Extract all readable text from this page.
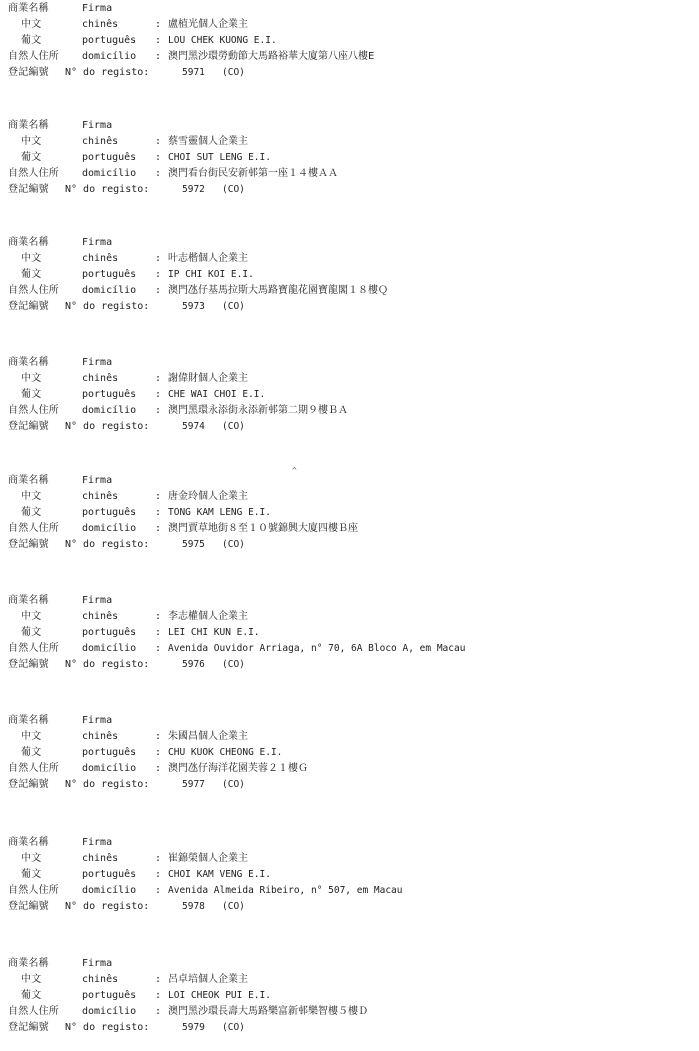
商業名稱	Firma
中文	chinês	: 盧植光個人企業主
葡文	português : LOU CHEK KUONG E.I.
自然人住所 domicílio : 澳門黑沙環勞動節大馬路裕華大廈第八座八樓E
登記編號 N° do registo:	5971 (CO)
商業名稱	Firma
中文	chinês	: 蔡雪靈個人企業主
葡文	português : CHOI SUT LENG E.I.
自然人住所 domicílio : 澳門看台街民安新邨第一座１４樓ＡＡ
登記編號 N° do registo:	5972 (CO)
商業名稱	Firma
中文	chinês	: 叶志楷個人企業主
葡文	português : IP CHI KOI E.I.
自然人住所 domicílio : 澳門氹仔基馬拉斯大馬路寶龍花園寶龍閣１８樓Ｑ
登記編號 N° do registo:	5973 (CO)
商業名稱	Firma
中文	chinês	: 謝偉財個人企業主
葡文	português : CHE WAI CHOI E.I.
自然人住所 domicílio : 澳門黑環永添街永添新邨第二期９樓ＢＡ
登記編號 N° do registo:	5974 (CO)
^
商業名稱	Firma
中文	chinês	: 唐金玲個人企業主
葡文	português : TONG KAM LENG E.I.
自然人住所 domicílio : 澳門賈草地街８至１０號錦興大廈四樓Ｂ座
登記編號 N° do registo:	5975 (CO)
商業名稱	Firma
中文	chinês	: 李志權個人企業主
葡文	português : LEI CHI KUN E.I.
自然人住所 domicílio : Avenida Ouvidor Arriaga, n° 70, 6A Bloco A, em Macau
登記編號 N° do registo:	5976 (CO)
商業名稱	Firma
中文	chinês	: 朱國昌個人企業主
葡文	português : CHU KUOK CHEONG E.I.
自然人住所 domicílio : 澳門氹仔海洋花園芙蓉２１樓Ｇ
登記編號 N° do registo:	5977 (CO)
商業名稱	Firma
中文	chinês	: 崔錦榮個人企業主
葡文	português : CHOI KAM VENG E.I.
自然人住所 domicílio : Avenida Almeida Ribeiro, n° 507, em Macau
登記編號 N° do registo:	5978 (CO)
商業名稱	Firma
中文	chinês	: 呂卓培個人企業主
葡文	português : LOI CHEOK PUI E.I.
自然人住所 domicílio : 澳門黑沙環長壽大馬路樂富新邨樂智樓５樓Ｄ
登記編號 N° do registo:	5979 (CO)
